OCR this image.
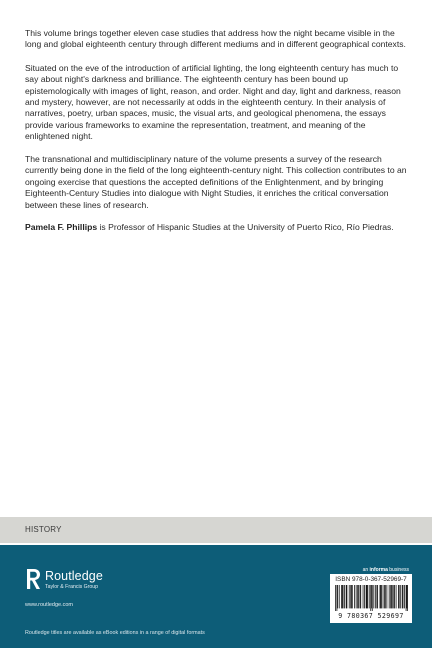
This volume brings together eleven case studies that address how the night became visible in the long and global eighteenth century through different mediums and in different geographical contexts.

Situated on the eve of the introduction of artificial lighting, the long eighteenth century has much to say about night's darkness and brilliance. The eighteenth century has been bound up epistemologically with images of light, reason, and order. Night and day, light and darkness, reason and mystery, however, are not necessarily at odds in the eighteenth century. In their analysis of narratives, poetry, urban spaces, music, the visual arts, and geological phenomena, the essays provide various frameworks to examine the representation, treatment, and meaning of the enlightened night.

The transnational and multidisciplinary nature of the volume presents a survey of the research currently being done in the field of the long eighteenth-century night. This collection contributes to an ongoing exercise that questions the accepted definitions of the Enlightenment, and by bringing Eighteenth-Century Studies into dialogue with Night Studies, it enriches the critical conversation between these lines of research.

Pamela F. Phillips is Professor of Hispanic Studies at the University of Puerto Rico, Río Piedras.

HISTORY
Routledge
Taylor & Francis Group
www.routledge.com
Routledge titles are available as eBook editions in a range of digital formats
an informa business
ISBN 978-0-367-52969-7
9 780367 529697
